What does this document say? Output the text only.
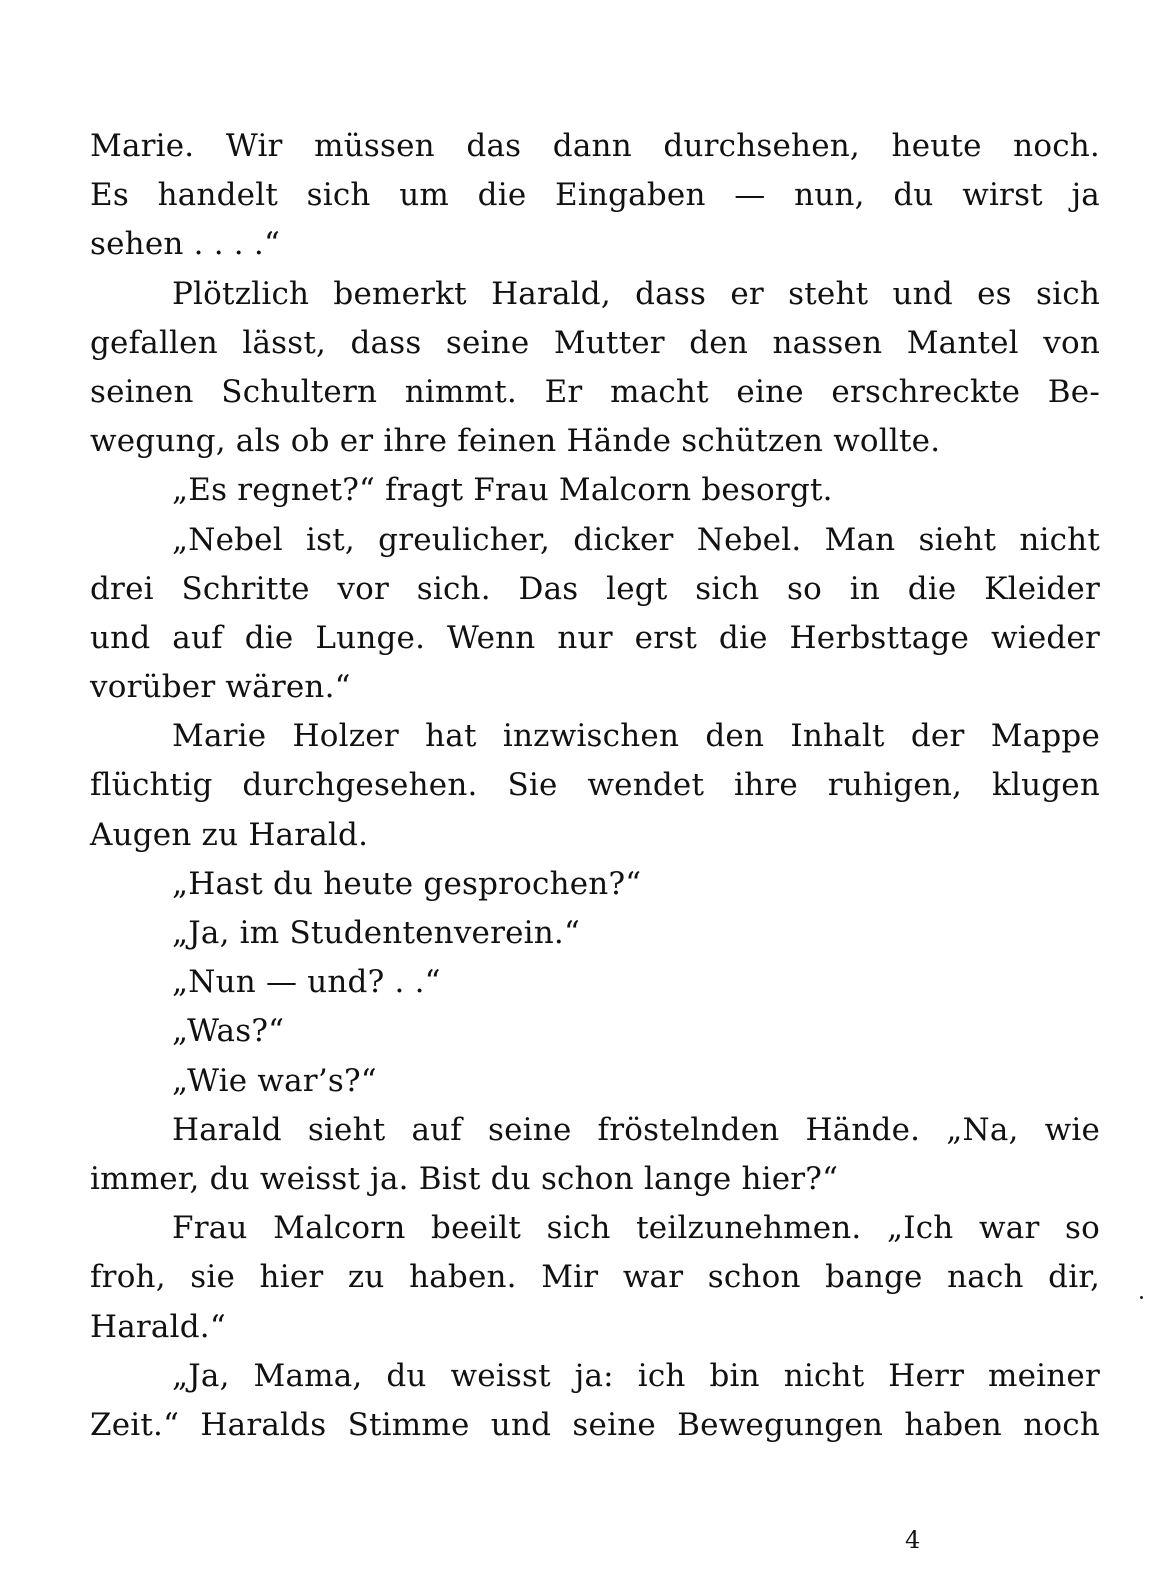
Marie. Wir müssen das dann durchsehen, heute noch.
Es handelt sich um die Eingaben — nun, du wirst ja
sehen . . . .“
Plötzlich bemerkt Harald, dass er steht und es sich
gefallen lässt, dass seine Mutter den nassen Mantel von
seinen Schultern nimmt. Er macht eine erschreckte Be-
wegung, als ob er ihre feinen Hände schützen wollte.
„Es regnet?“ fragt Frau Malcorn besorgt.
„Nebel ist, greulicher, dicker Nebel. Man sieht nicht
drei Schritte vor sich. Das legt sich so in die Kleider
und auf die Lunge. Wenn nur erst die Herbsttage wieder
vorüber wären.“
Marie Holzer hat inzwischen den Inhalt der Mappe
flüchtig durchgesehen. Sie wendet ihre ruhigen, klugen
Augen zu Harald.
„Hast du heute gesprochen?“
„Ja, im Studentenverein.“
„Nun — und? . .“
„Was?“
„Wie war’s?“
Harald sieht auf seine fröstelnden Hände. „Na, wie
immer, du weisst ja. Bist du schon lange hier?“
Frau Malcorn beeilt sich teilzunehmen. „Ich war so
froh, sie hier zu haben. Mir war schon bange nach dir,
Harald.“
„Ja, Mama, du weisst ja: ich bin nicht Herr meiner
Zeit.“ Haralds Stimme und seine Bewegungen haben noch
4
